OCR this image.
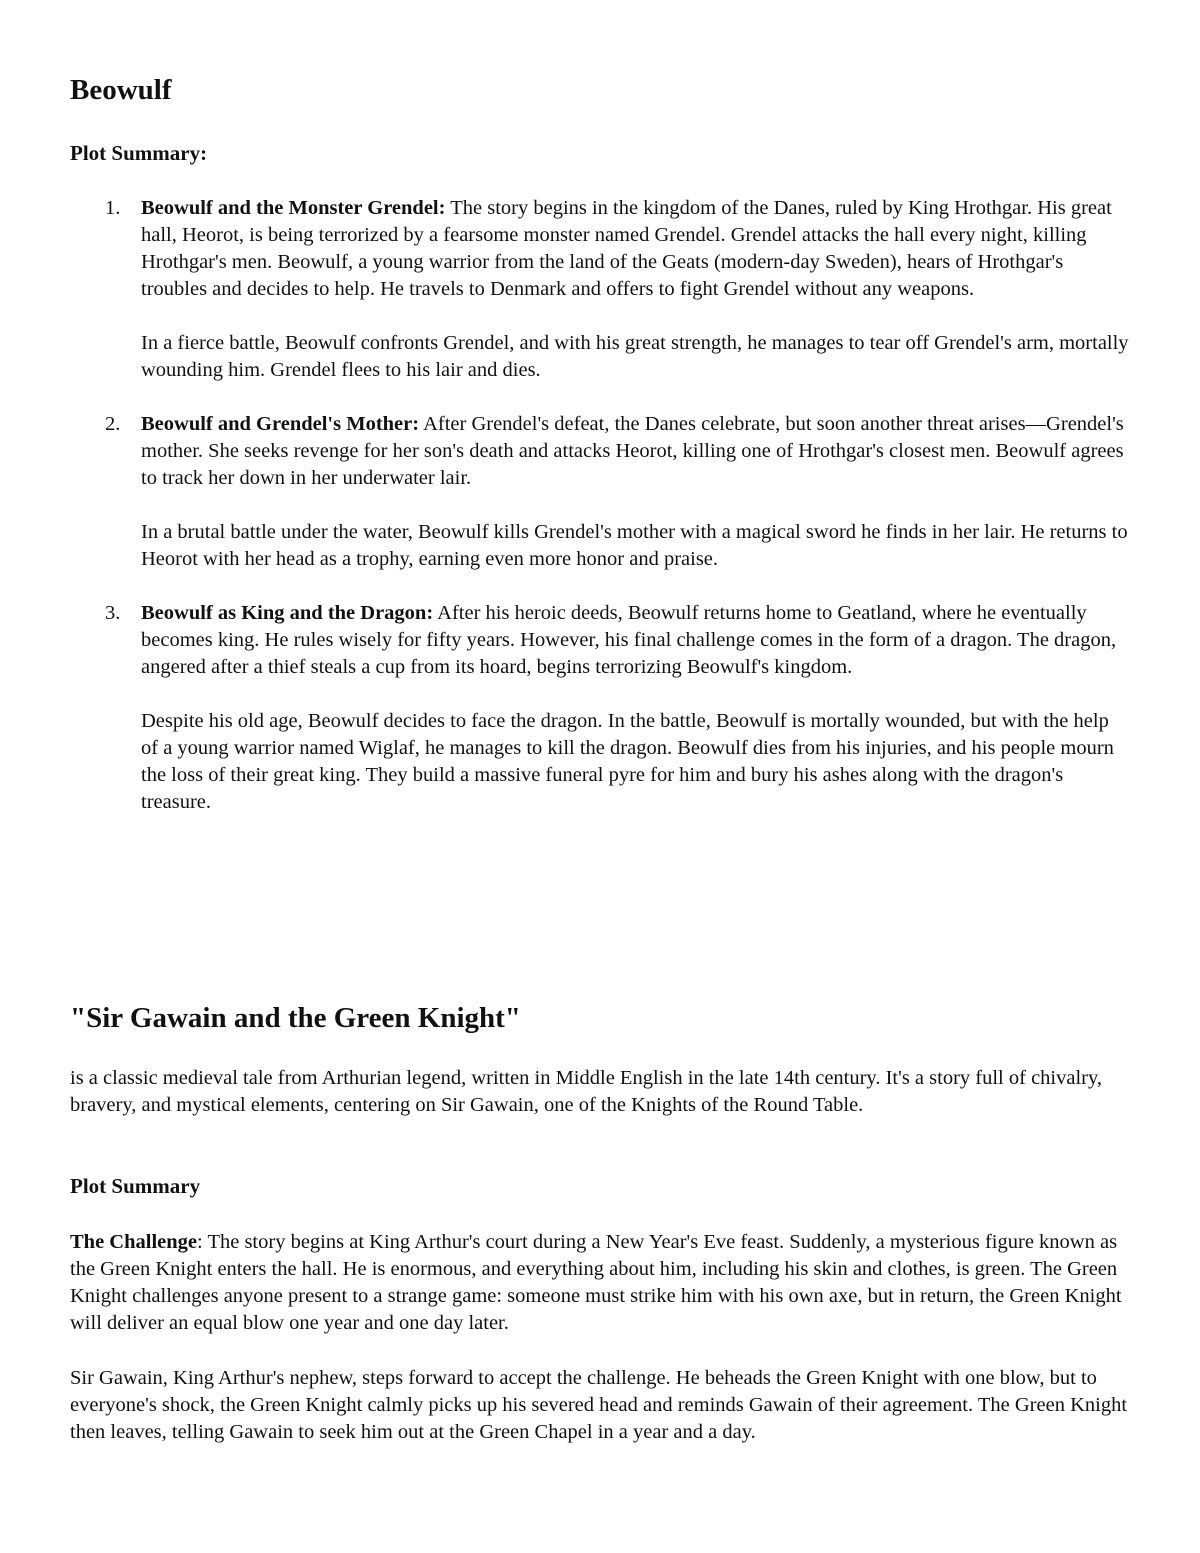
Beowulf
Plot Summary:
1. Beowulf and the Monster Grendel: The story begins in the kingdom of the Danes, ruled by King Hrothgar. His great hall, Heorot, is being terrorized by a fearsome monster named Grendel. Grendel attacks the hall every night, killing Hrothgar's men. Beowulf, a young warrior from the land of the Geats (modern-day Sweden), hears of Hrothgar's troubles and decides to help. He travels to Denmark and offers to fight Grendel without any weapons.

In a fierce battle, Beowulf confronts Grendel, and with his great strength, he manages to tear off Grendel's arm, mortally wounding him. Grendel flees to his lair and dies.

2. Beowulf and Grendel's Mother: After Grendel's defeat, the Danes celebrate, but soon another threat arises—Grendel's mother. She seeks revenge for her son's death and attacks Heorot, killing one of Hrothgar's closest men. Beowulf agrees to track her down in her underwater lair.

In a brutal battle under the water, Beowulf kills Grendel's mother with a magical sword he finds in her lair. He returns to Heorot with her head as a trophy, earning even more honor and praise.

3. Beowulf as King and the Dragon: After his heroic deeds, Beowulf returns home to Geatland, where he eventually becomes king. He rules wisely for fifty years. However, his final challenge comes in the form of a dragon. The dragon, angered after a thief steals a cup from its hoard, begins terrorizing Beowulf's kingdom.

Despite his old age, Beowulf decides to face the dragon. In the battle, Beowulf is mortally wounded, but with the help of a young warrior named Wiglaf, he manages to kill the dragon. Beowulf dies from his injuries, and his people mourn the loss of their great king. They build a massive funeral pyre for him and bury his ashes along with the dragon's treasure.

"Sir Gawain and the Green Knight"

is a classic medieval tale from Arthurian legend, written in Middle English in the late 14th century. It's a story full of chivalry, bravery, and mystical elements, centering on Sir Gawain, one of the Knights of the Round Table.

Plot Summary

The Challenge: The story begins at King Arthur's court during a New Year's Eve feast. Suddenly, a mysterious figure known as the Green Knight enters the hall. He is enormous, and everything about him, including his skin and clothes, is green. The Green Knight challenges anyone present to a strange game: someone must strike him with his own axe, but in return, the Green Knight will deliver an equal blow one year and one day later.

Sir Gawain, King Arthur's nephew, steps forward to accept the challenge. He beheads the Green Knight with one blow, but to everyone's shock, the Green Knight calmly picks up his severed head and reminds Gawain of their agreement. The Green Knight then leaves, telling Gawain to seek him out at the Green Chapel in a year and a day.
